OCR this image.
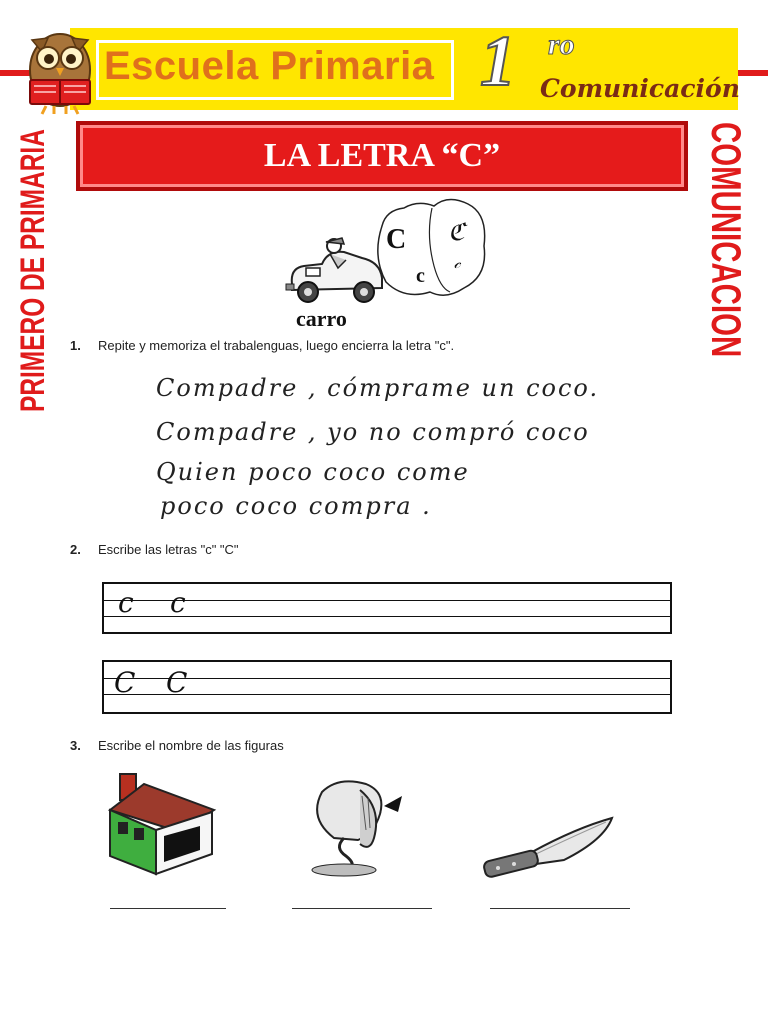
Escuela Primaria 1 ro
Comunicación
LA LETRA “C”
PRIMERO DE PRIMARIA	COMUNICACION
carro
C
c
ℭ
𝒸
1. Repite y memoriza el trabalenguas, luego encierra la letra "c".
Compadre , cómprame un coco.
Compadre , yo no compró coco
Quien poco coco come
poco coco compra .
2. Escribe las letras "c" "C"
c c
C C
3. Escribe el nombre de las figuras
